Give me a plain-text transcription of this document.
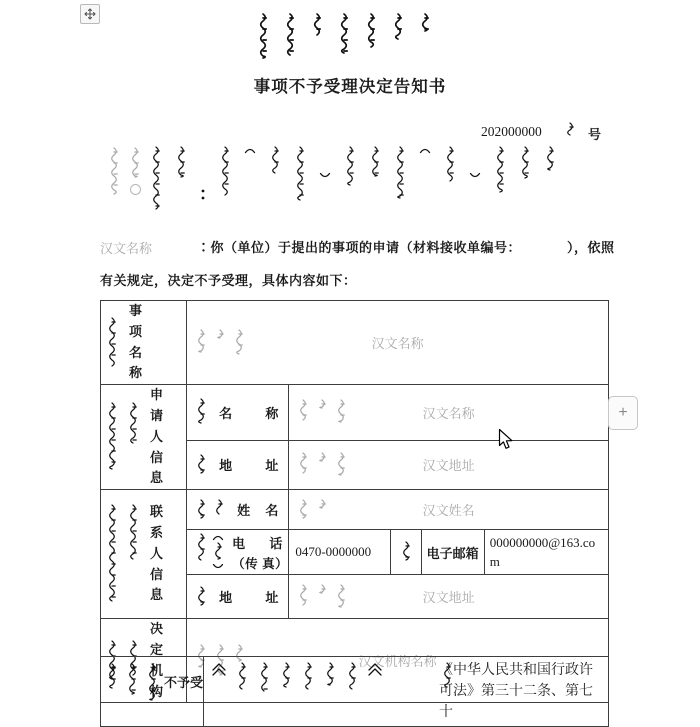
事项不予受理决定告知书
202000000	号
汉文名称	∶你（单位）于提出的事项的申请（材料接收单编号：	），依照
有关规定，决定不予受理，具体内容如下：
事项名称	汉文名称				

申请人信息	名称	汉文名称			

	地址	汉文地址			

联系人信息	姓名	汉文姓名			

	电话
（传 真）	0470-0000000		电子邮箱	000000000@163.com

	地址	汉文地址			

决定机构	汉文机构名称				
不予受

《中华人民共和国行政许可法》第三十二条、第七十
+
